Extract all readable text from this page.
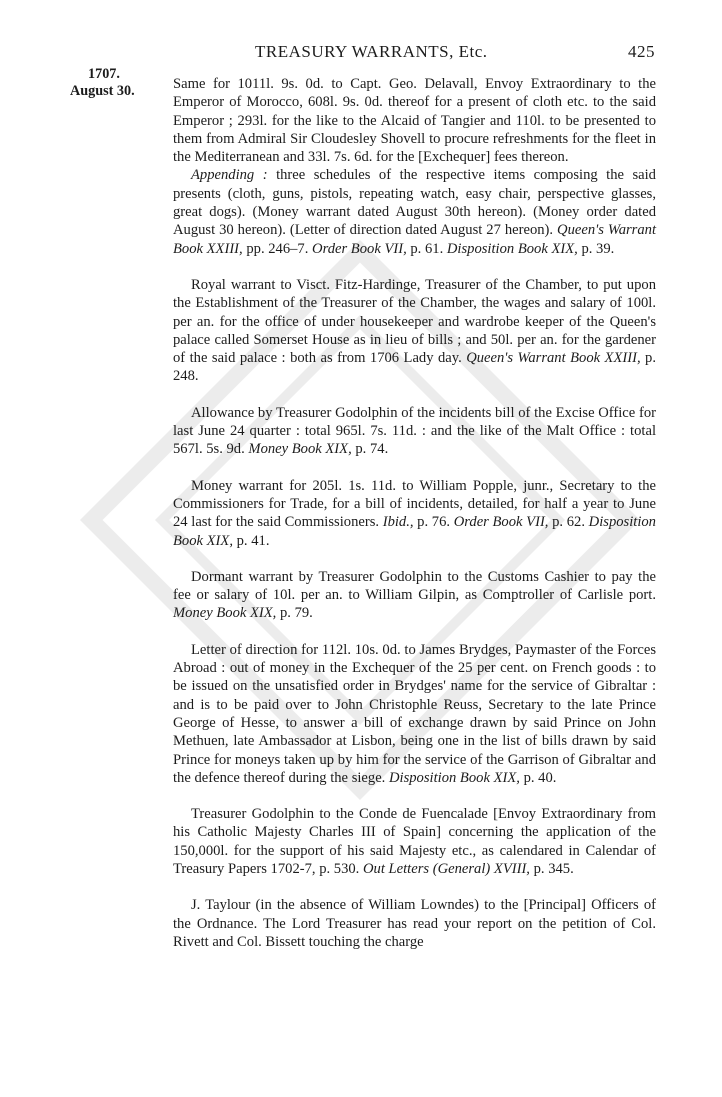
TREASURY WARRANTS, Etc.	425
1707.
August 30.	Same for 1011l. 9s. 0d. to Capt. Geo. Delavall, Envoy Extraordinary to the Emperor of Morocco, 608l. 9s. 0d. thereof for a present of cloth etc. to the said Emperor ; 293l. for the like to the Alcaid of Tangier and 110l. to be presented to them from Admiral Sir Cloudesley Shovell to procure refreshments for the fleet in the Mediterranean and 33l. 7s. 6d. for the [Exchequer] fees thereon.

Appending : three schedules of the respective items composing the said presents (cloth, guns, pistols, repeating watch, easy chair, perspective glasses, great dogs). (Money warrant dated August 30th hereon). (Money order dated August 30 hereon). (Letter of direction dated August 27 hereon). Queen's Warrant Book XXIII, pp. 246–7. Order Book VII, p. 61. Disposition Book XIX, p. 39.

Royal warrant to Visct. Fitz-Hardinge, Treasurer of the Chamber, to put upon the Establishment of the Treasurer of the Chamber, the wages and salary of 100l. per an. for the office of under housekeeper and wardrobe keeper of the Queen's palace called Somerset House as in lieu of bills ; and 50l. per an. for the gardener of the said palace : both as from 1706 Lady day. Queen's Warrant Book XXIII, p. 248.

Allowance by Treasurer Godolphin of the incidents bill of the Excise Office for last June 24 quarter : total 965l. 7s. 11d. : and the like of the Malt Office : total 567l. 5s. 9d. Money Book XIX, p. 74.

Money warrant for 205l. 1s. 11d. to William Popple, junr., Secretary to the Commissioners for Trade, for a bill of incidents, detailed, for half a year to June 24 last for the said Commissioners. Ibid., p. 76. Order Book VII, p. 62. Disposition Book XIX, p. 41.

Dormant warrant by Treasurer Godolphin to the Customs Cashier to pay the fee or salary of 10l. per an. to William Gilpin, as Comptroller of Carlisle port. Money Book XIX, p. 79.

Letter of direction for 112l. 10s. 0d. to James Brydges, Paymaster of the Forces Abroad : out of money in the Exchequer of the 25 per cent. on French goods : to be issued on the unsatisfied order in Brydges' name for the service of Gibraltar : and is to be paid over to John Christophle Reuss, Secretary to the late Prince George of Hesse, to answer a bill of exchange drawn by said Prince on John Methuen, late Ambassador at Lisbon, being one in the list of bills drawn by said Prince for moneys taken up by him for the service of the Garrison of Gibraltar and the defence thereof during the siege. Disposition Book XIX, p. 40.

Treasurer Godolphin to the Conde de Fuencalade [Envoy Extraordinary from his Catholic Majesty Charles III of Spain] concerning the application of the 150,000l. for the support of his said Majesty etc., as calendared in Calendar of Treasury Papers 1702-7, p. 530. Out Letters (General) XVIII, p. 345.

J. Taylour (in the absence of William Lowndes) to the [Principal] Officers of the Ordnance. The Lord Treasurer has read your report on the petition of Col. Rivett and Col. Bissett touching the charge
